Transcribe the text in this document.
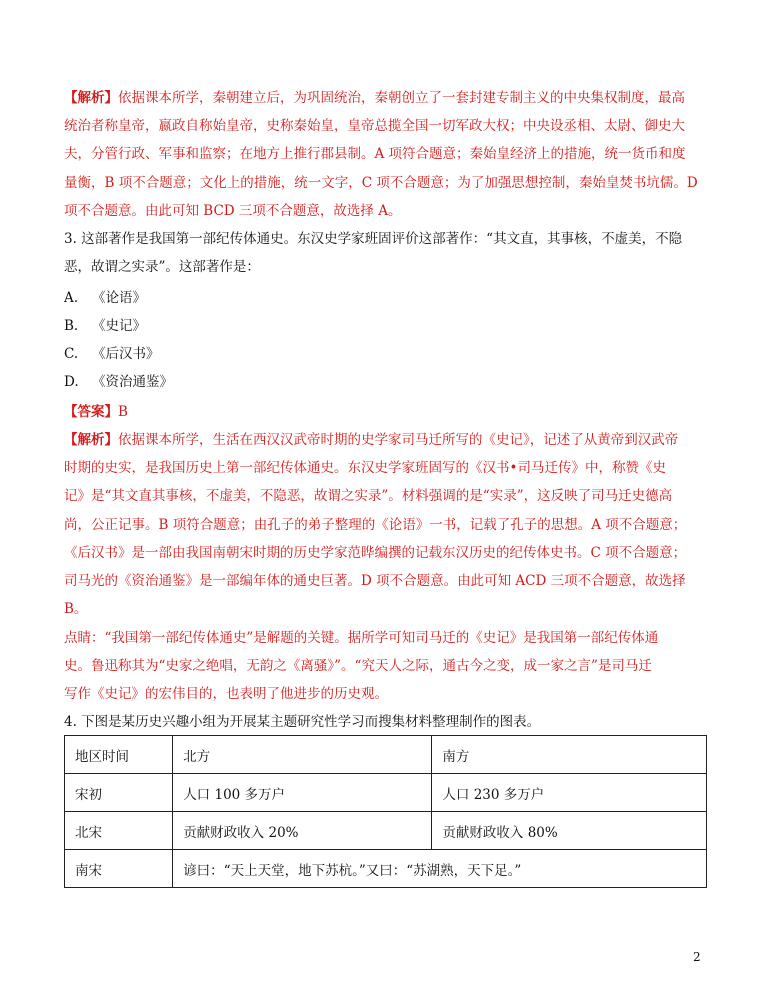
【解析】依据课本所学，秦朝建立后，为巩固统治，秦朝创立了一套封建专制主义的中央集权制度，最高
统治者称皇帝，嬴政自称始皇帝，史称秦始皇，皇帝总揽全国一切军政大权；中央设丞相、太尉、御史大
夫，分管行政、军事和监察；在地方上推行郡县制。A 项符合题意；秦始皇经济上的措施，统一货币和度
量衡，B 项不合题意；文化上的措施，统一文字，C 项不合题意；为了加强思想控制，秦始皇焚书坑儒。D
项不合题意。由此可知 BCD 三项不合题意，故选择 A。
3. 这部著作是我国第一部纪传体通史。东汉史学家班固评价这部著作：“其文直，其事核，不虚美，不隐
恶，故谓之实录”。这部著作是：
A. 《论语》
B. 《史记》
C. 《后汉书》
D. 《资治通鉴》
【答案】B
【解析】依据课本所学，生活在西汉汉武帝时期的史学家司马迁所写的《史记》，记述了从黄帝到汉武帝
时期的史实，是我国历史上第一部纪传体通史。东汉史学家班固写的《汉书•司马迁传》中，称赞《史
记》是“其文直其事核，不虚美，不隐恶，故谓之实录”。材料强调的是“实录”，这反映了司马迁史德高
尚，公正记事。B 项符合题意；由孔子的弟子整理的《论语》一书，记载了孔子的思想。A 项不合题意；
《后汉书》是一部由我国南朝宋时期的历史学家范晔编撰的记载东汉历史的纪传体史书。C 项不合题意；
司马光的《资治通鉴》是一部编年体的通史巨著。D 项不合题意。由此可知 ACD 三项不合题意，故选择
B。
点睛：“我国第一部纪传体通史”是解题的关键。据所学可知司马迁的《史记》是我国第一部纪传体通
史。鲁迅称其为“史家之绝唱，无韵之《离骚》”。“究天人之际，通古今之变，成一家之言”是司马迁
写作《史记》的宏伟目的，也表明了他进步的历史观。
4. 下图是某历史兴趣小组为开展某主题研究性学习而搜集材料整理制作的图表。
地区时间	北方	南方
宋初	人口 100 多万户	人口 230 多万户
北宋	贡献财政收入 20%	贡献财政收入 80%
南宋	谚曰：“天上天堂，地下苏杭。”又曰：“苏湖熟，天下足。”	
2
